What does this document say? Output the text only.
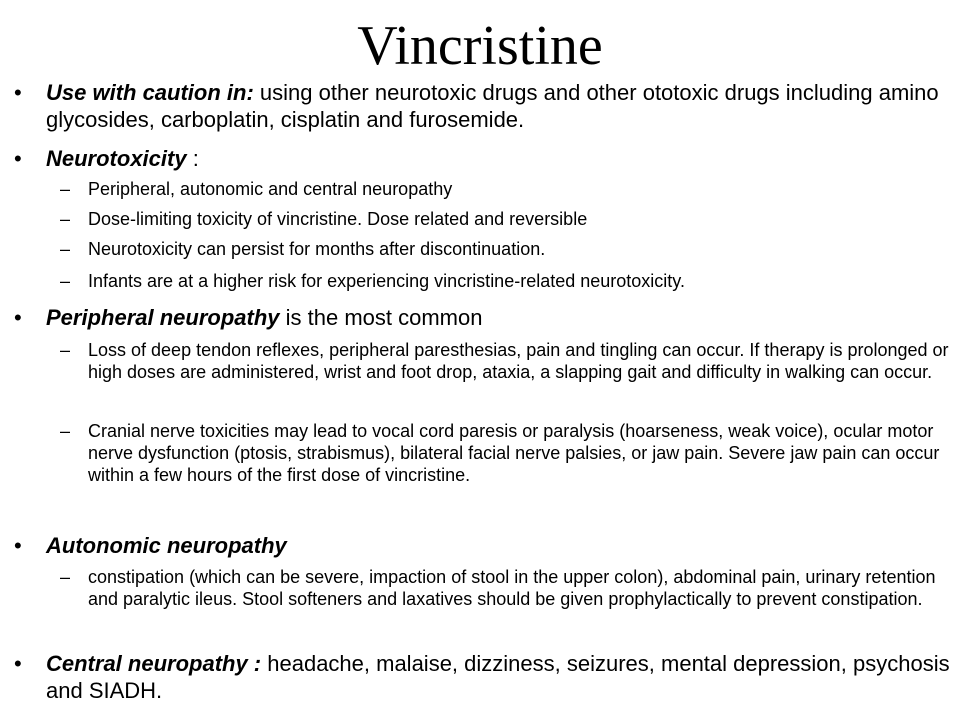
Vincristine
• Use with caution in: using other neurotoxic drugs and other ototoxic drugs including amino glycosides, carboplatin, cisplatin and furosemide.
• Neurotoxicity :
– Peripheral, autonomic and central neuropathy
– Dose-limiting toxicity of vincristine. Dose related and reversible
– Neurotoxicity can persist for months after discontinuation.
– Infants are at a higher risk for experiencing vincristine-related neurotoxicity.
• Peripheral neuropathy is the most common
– Loss of deep tendon reflexes, peripheral paresthesias, pain and tingling can occur. If therapy is prolonged or high doses are administered, wrist and foot drop, ataxia, a slapping gait and difficulty in walking can occur.
– Cranial nerve toxicities may lead to vocal cord paresis or paralysis (hoarseness, weak voice), ocular motor nerve dysfunction (ptosis, strabismus), bilateral facial nerve palsies, or jaw pain. Severe jaw pain can occur within a few hours of the first dose of vincristine.
• Autonomic neuropathy
– constipation (which can be severe, impaction of stool in the upper colon), abdominal pain, urinary retention and paralytic ileus. Stool softeners and laxatives should be given prophylactically to prevent constipation.
• Central neuropathy : headache, malaise, dizziness, seizures, mental depression, psychosis and SIADH.
